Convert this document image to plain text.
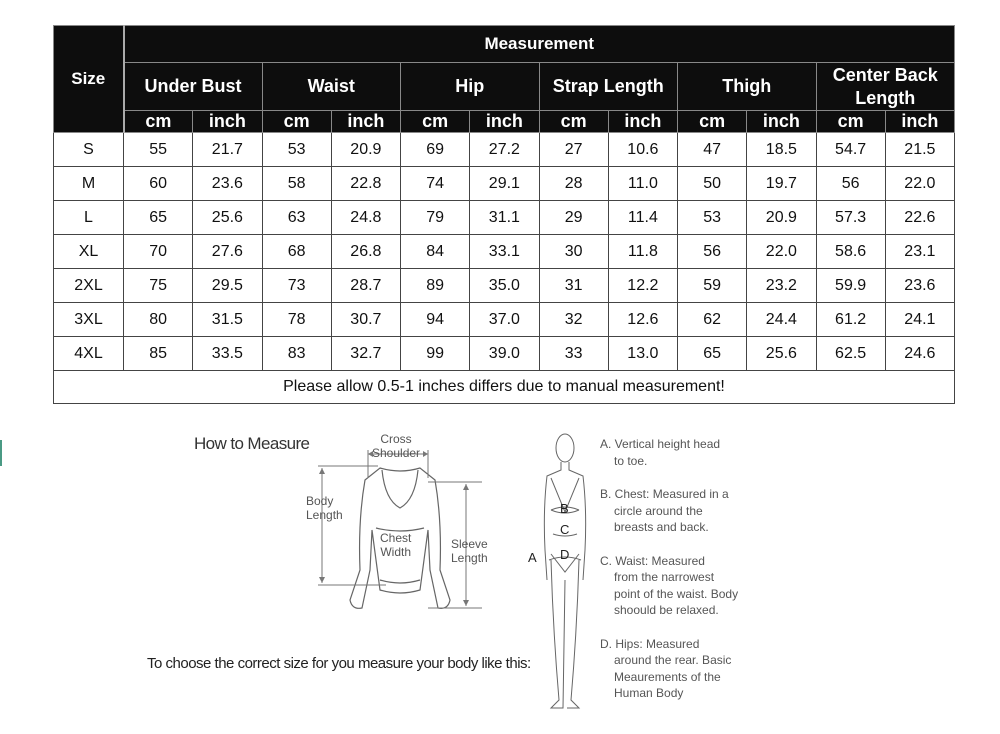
Size	Measurement											
	Under Bust		Waist		Hip		Strap Length		Thigh		Center Back Length	
	cm	inch	cm	inch	cm	inch	cm	inch	cm	inch	cm	inch
S	55	21.7	53	20.9	69	27.2	27	10.6	47	18.5	54.7	21.5
M	60	23.6	58	22.8	74	29.1	28	11.0	50	19.7	56	22.0
L	65	25.6	63	24.8	79	31.1	29	11.4	53	20.9	57.3	22.6
XL	70	27.6	68	26.8	84	33.1	30	11.8	56	22.0	58.6	23.1
2XL	75	29.5	73	28.7	89	35.0	31	12.2	59	23.2	59.9	23.6
3XL	80	31.5	78	30.7	94	37.0	32	12.6	62	24.4	61.2	24.1
4XL	85	33.5	83	32.7	99	39.0	33	13.0	65	25.6	62.5	24.6
Please allow 0.5-1 inches differs due to manual measurement!												
How to Measure	Cross
Shoulder
Body
Length
Chest
Width
Sleeve
Length
To choose the correct size for you measure your body like this:
B
C
D
A
A. Vertical height head
to toe.
B. Chest: Measured in a
circle around the breasts and back.
C. Waist: Measured
from the narrowest point of the waist. Body shoould be relaxed.
D. Hips: Measured
around the rear. Basic Meaurements of the Human Body
